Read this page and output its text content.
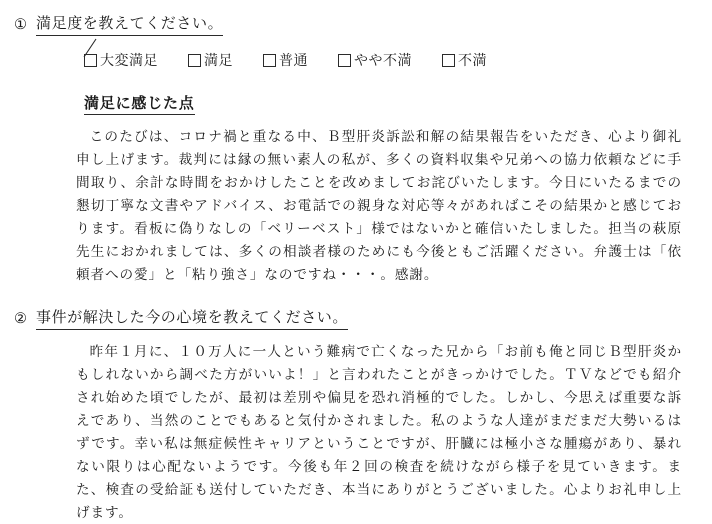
① 満足度を教えてください。
大変満足	満足	普通	やや不満	不満
満足に感じた点

このたびは、コロナ禍と重なる中、Ｂ型肝炎訴訟和解の結果報告をいただき、心より御礼申し上げます。裁判には縁の無い素人の私が、多くの資料収集や兄弟への協力依頼などに手間取り、余計な時間をおかけしたことを改めましてお詫びいたします。今日にいたるまでの懇切丁寧な文書やアドバイス、お電話での親身な対応等々があればこその結果かと感じております。看板に偽りなしの「ベリーベスト」様ではないかと確信いたしました。担当の萩原先生におかれましては、多くの相談者様のためにも今後ともご活躍ください。弁護士は「依頼者への愛」と「粘り強さ」なのですね・・・。感謝。

② 事件が解決した今の心境を教えてください。

昨年１月に、１０万人に一人という難病で亡くなった兄から「お前も俺と同じＢ型肝炎かもしれないから調べた方がいいよ！」と言われたことがきっかけでした。ＴＶなどでも紹介され始めた頃でしたが、最初は差別や偏見を恐れ消極的でした。しかし、今思えば重要な訴えであり、当然のことでもあると気付かされました。私のような人達がまだまだ大勢いるはずです。幸い私は無症候性キャリアということですが、肝臓には極小さな腫瘍があり、暴れない限りは心配ないようです。今後も年２回の検査を続けながら様子を見ていきます。また、検査の受給証も送付していただき、本当にありがとうございました。心よりお礼申し上げます。
